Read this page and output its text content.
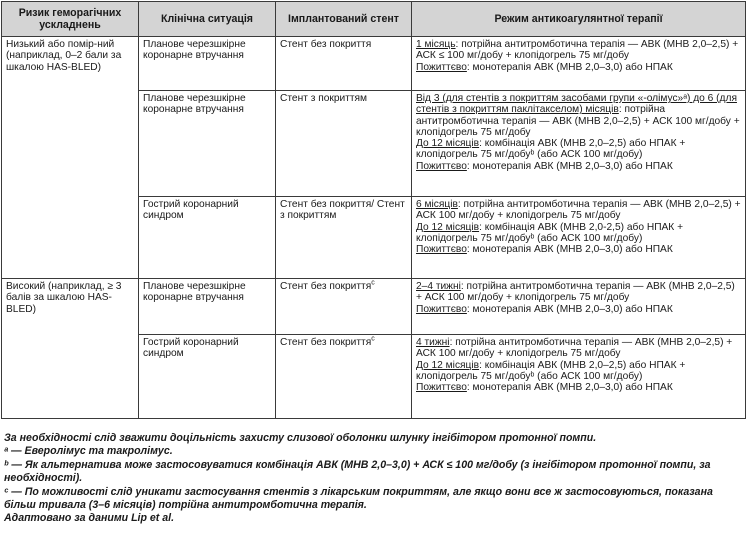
Ризик геморагічних ускладнень	Клінічна ситуація	Імплантований стент	Режим антикоагулянтної терапії

Низький або помір-ний (наприклад, 0–2 бали за шкалою HAS-BLED)	Планове черезшкірне коронарне втручання	Стент без покриття	1 місяць: потрійна антитромботична терапія — АВК (МНВ 2,0–2,5) + АСК ≤ 100 мг/добу + клопідогрель 75 мг/добу

Пожиттєво: монотерапія АВК (МНВ 2,0–3,0) або НПАК

	Планове черезшкірне коронарне втручання	Стент з покриттям	Від 3 (для стентів з покриттям засобами групи «-олімус»ᵃ) до 6 (для стентів з покриттям паклітакселом) місяців: потрійна антитромботична терапія — АВК (МНВ 2,0–2,5) + АСК 100 мг/добу + клопідогрель 75 мг/добу

До 12 місяців: комбінація АВК (МНВ 2,0–2,5) або НПАК + клопідогрель 75 мг/добуᵇ (або АСК 100 мг/добу)

Пожиттєво: монотерапія АВК (МНВ 2,0–3,0) або НПАК

	Гострий коронарний синдром	Стент без покриття/ Стент з покриттям	6 місяців: потрійна антитромботична терапія — АВК (МНВ 2,0–2,5) + АСК 100 мг/добу + клопідогрель 75 мг/добу

До 12 місяців: комбінація АВК (МНВ 2,0-2,5) або НПАК + клопідогрель 75 мг/добуᵇ (або АСК 100 мг/добу)

Пожиттєво: монотерапія АВК (МНВ 2,0–3,0) або НПАК

Високий (наприклад, ≥ 3 балів за шкалою HAS-BLED)	Планове черезшкірне коронарне втручання	Стент без покриття$^c$	2–4 тижні: потрійна антитромботична терапія — АВК (МНВ 2,0–2,5) + АСК 100 мг/добу + клопідогрель 75 мг/добу

Пожиттєво: монотерапія АВК (МНВ 2,0–3,0) або НПАК

	Гострий коронарний синдром	Стент без покриття$^c$	4 тижні: потрійна антитромботична терапія — АВК (МНВ 2,0–2,5) + АСК 100 мг/добу + клопідогрель 75 мг/добу

До 12 місяців: комбінація АВК (МНВ 2,0–2,5) або НПАК + клопідогрель 75 мг/добуᵇ (або АСК 100 мг/добу)

Пожиттєво: монотерапія АВК (МНВ 2,0–3,0) або НПАК

За необхідності слід зважити доцільність захисту слизової оболонки шлунку інгібітором протонної помпи.

ᵃ — Еверолімус та такролімус.

ᵇ — Як альтернатива може застосовуватися комбінація АВК (МНВ 2,0–3,0) + АСК ≤ 100 мг/добу (з інгібітором протонної помпи, за необхідності).

ᶜ — По можливості слід уникати застосування стентів з лікарським покриттям, але якщо вони все ж застосовуються, показана більш тривала (3–6 місяців) потрійна антитромботична терапія.

Адаптовано за даними Lip et al.
